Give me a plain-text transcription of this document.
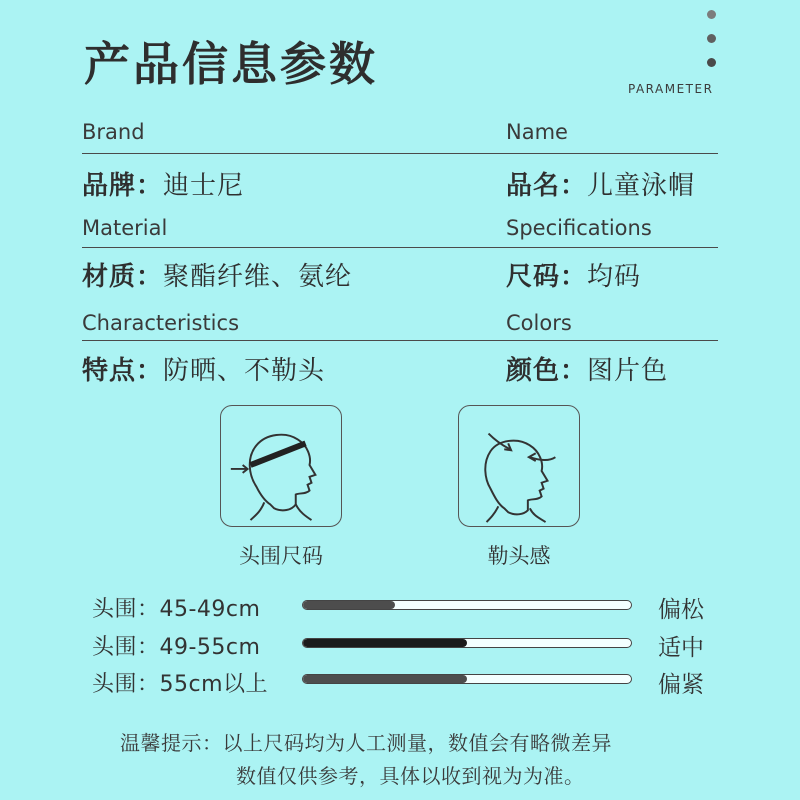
产品信息参数	PARAMETER
Brand	Name
品牌：迪士尼	品名：儿童泳帽
Material	Specifications
材质：聚酯纤维、氨纶	尺码：均码
Characteristics	Colors
特点：防晒、不勒头	颜色：图片色
头围尺码	勒头感
头围：45-49cm	偏松
头围：49-55cm	适中
头围：55cm以上	偏紧
温馨提示：以上尺码均为人工测量，数值会有略微差异
数值仅供参考，具体以收到视为为准。
